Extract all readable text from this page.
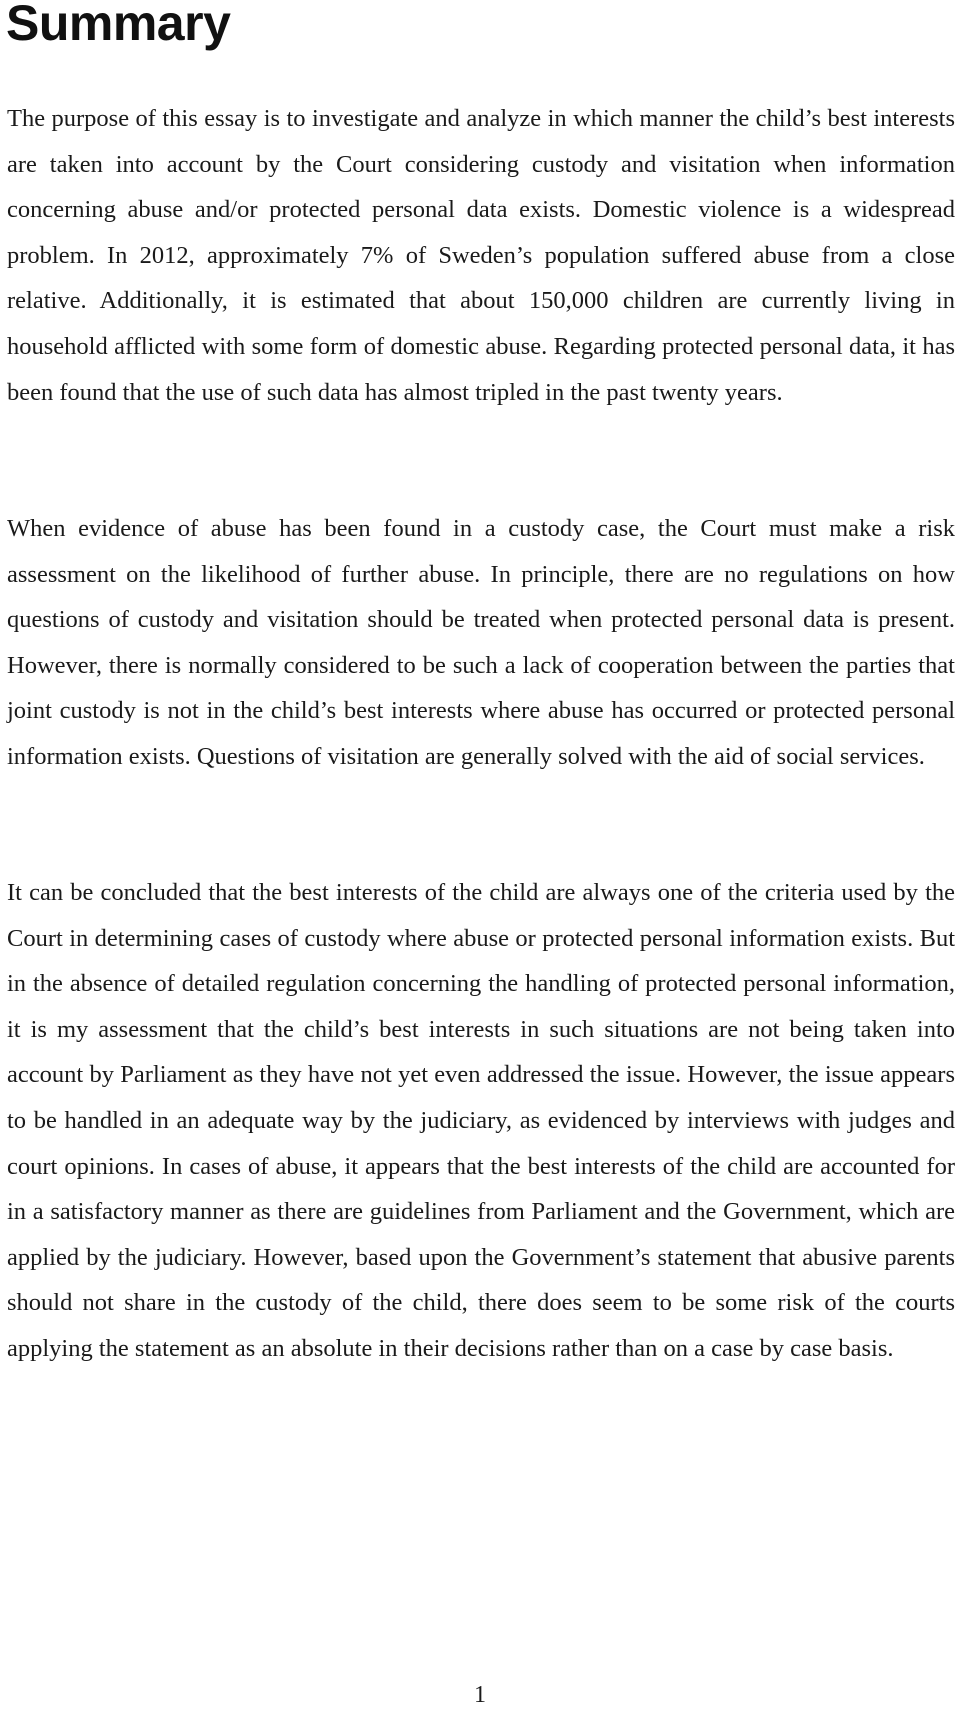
Summary

The purpose of this essay is to investigate and analyze in which manner the child’s best interests are taken into account by the Court considering custody and visitation when information concerning abuse and/or protected personal data exists. Domestic violence is a widespread problem. In 2012, approximately 7% of Sweden’s population suffered abuse from a close relative. Additionally, it is estimated that about 150,000 children are currently living in household afflicted with some form of domestic abuse. Regarding protected personal data, it has been found that the use of such data has almost tripled in the past twenty years.

When evidence of abuse has been found in a custody case, the Court must make a risk assessment on the likelihood of further abuse. In principle, there are no regulations on how questions of custody and visitation should be treated when protected personal data is present. However, there is normally considered to be such a lack of cooperation between the parties that joint custody is not in the child’s best interests where abuse has occurred or protected personal information exists. Questions of visitation are generally solved with the aid of social services.

It can be concluded that the best interests of the child are always one of the criteria used by the Court in determining cases of custody where abuse or protected personal information exists. But in the absence of detailed regulation concerning the handling of protected personal information, it is my assessment that the child’s best interests in such situations are not being taken into account by Parliament as they have not yet even addressed the issue. However, the issue appears to be handled in an adequate way by the judiciary, as evidenced by interviews with judges and court opinions. In cases of abuse, it appears that the best interests of the child are accounted for in a satisfactory manner as there are guidelines from Parliament and the Government, which are applied by the judiciary. However, based upon the Government’s statement that abusive parents should not share in the custody of the child, there does seem to be some risk of the courts applying the statement as an absolute in their decisions rather than on a case by case basis.

1
